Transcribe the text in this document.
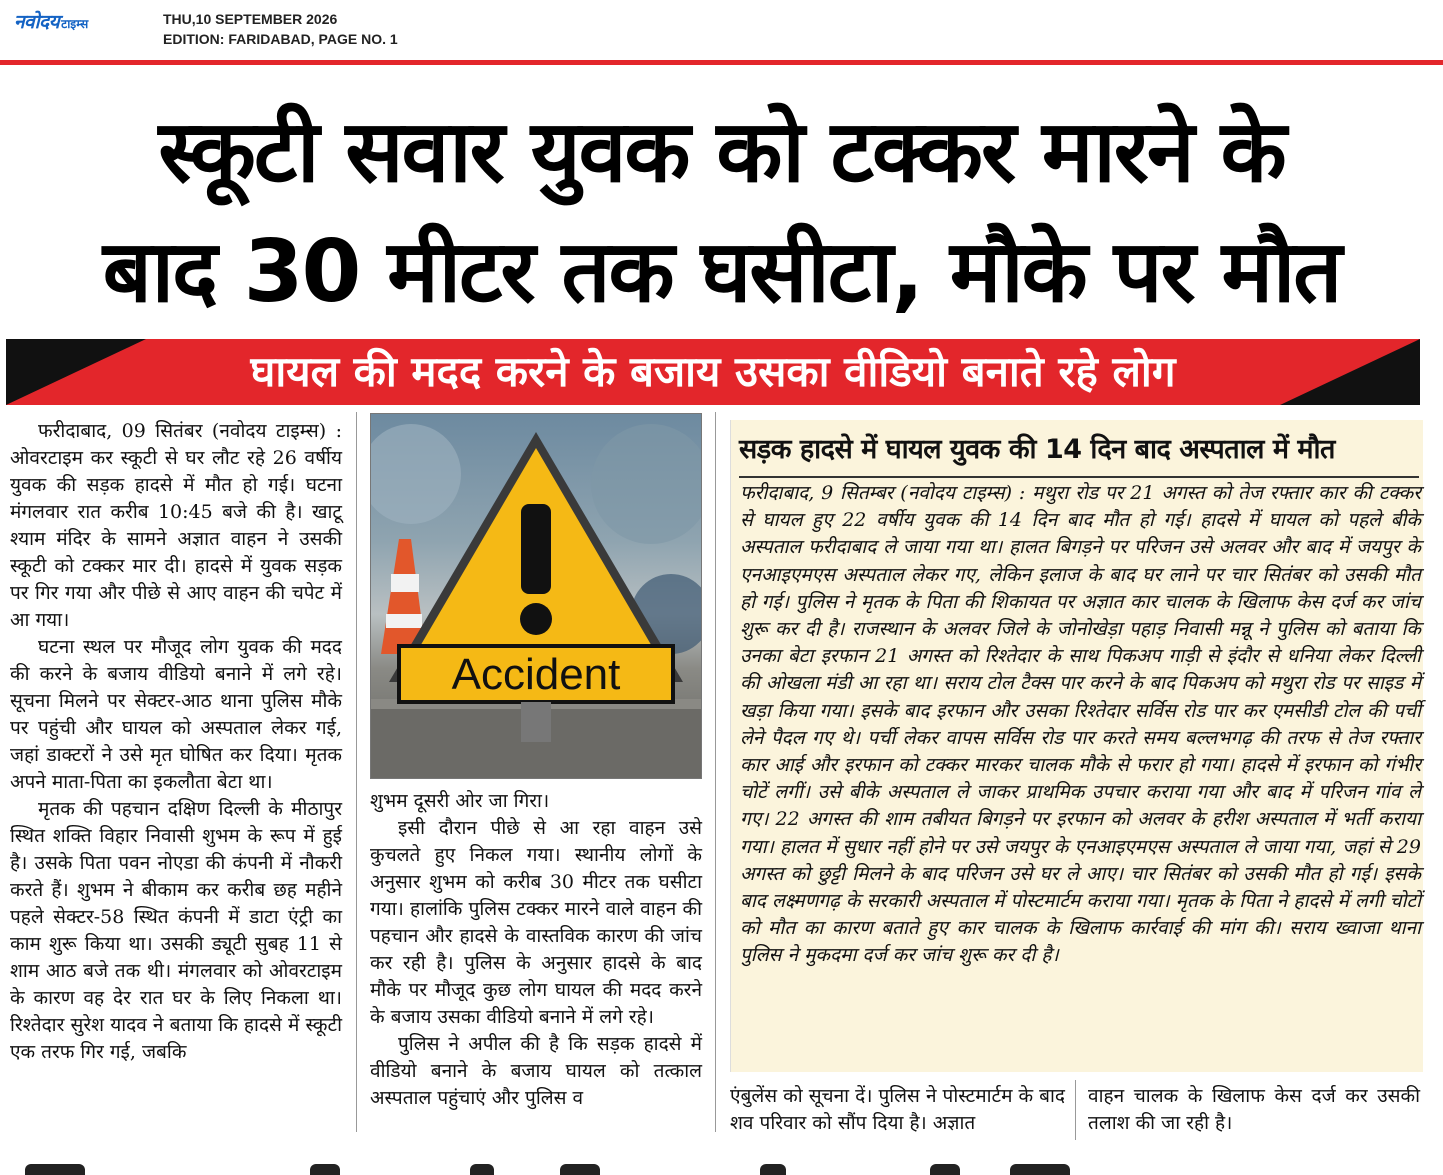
नवोदय टाइम्स	THU,10 SEPTEMBER 2026
EDITION: FARIDABAD, PAGE NO. 1
स्कूटी सवार युवक को टक्कर मारने के
बाद 30 मीटर तक घसीटा, मौके पर मौत
घायल की मदद करने के बजाय उसका वीडियो बनाते रहे लोग

फरीदाबाद, 09 सितंबर (नवोदय टाइम्स) : ओवरटाइम कर स्कूटी से घर लौट रहे 26 वर्षीय युवक की सड़क हादसे में मौत हो गई। घटना मंगलवार रात करीब 10:45 बजे की है। खाटू श्याम मंदिर के सामने अज्ञात वाहन ने उसकी स्कूटी को टक्कर मार दी। हादसे में युवक सड़क पर गिर गया और पीछे से आए वाहन की चपेट में आ गया।

घटना स्थल पर मौजूद लोग युवक की मदद की करने के बजाय वीडियो बनाने में लगे रहे। सूचना मिलने पर सेक्टर-आठ थाना पुलिस मौके पर पहुंची और घायल को अस्पताल लेकर गई, जहां डाक्टरों ने उसे मृत घोषित कर दिया। मृतक अपने माता-पिता का इकलौता बेटा था।

मृतक की पहचान दक्षिण दिल्ली के मीठापुर स्थित शक्ति विहार निवासी शुभम के रूप में हुई है। उसके पिता पवन नोएडा की कंपनी में नौकरी करते हैं। शुभम ने बीकाम कर करीब छह महीने पहले सेक्टर-58 स्थित कंपनी में डाटा एंट्री का काम शुरू किया था। उसकी ड्यूटी सुबह 11 से शाम आठ बजे तक थी। मंगलवार को ओवरटाइम के कारण वह देर रात घर के लिए निकला था। रिश्तेदार सुरेश यादव ने बताया कि हादसे में स्कूटी एक तरफ गिर गई, जबकि

Accident

शुभम दूसरी ओर जा गिरा।

इसी दौरान पीछे से आ रहा वाहन उसे कुचलते हुए निकल गया। स्थानीय लोगों के अनुसार शुभम को करीब 30 मीटर तक घसीटा गया। हालांकि पुलिस टक्कर मारने वाले वाहन की पहचान और हादसे के वास्तविक कारण की जांच कर रही है। पुलिस के अनुसार हादसे के बाद मौके पर मौजूद कुछ लोग घायल की मदद करने के बजाय उसका वीडियो बनाने में लगे रहे।

पुलिस ने अपील की है कि सड़क हादसे में वीडियो बनाने के बजाय घायल को तत्काल अस्पताल पहुंचाएं और पुलिस व

सड़क हादसे में घायल युवक की 14 दिन बाद अस्पताल में मौत

फरीदाबाद, 9 सितम्बर (नवोदय टाइम्स) : मथुरा रोड पर 21 अगस्त को तेज रफ्तार कार की टक्कर से घायल हुए 22 वर्षीय युवक की 14 दिन बाद मौत हो गई। हादसे में घायल को पहले बीके अस्पताल फरीदाबाद ले जाया गया था। हालत बिगड़ने पर परिजन उसे अलवर और बाद में जयपुर के एनआइएमएस अस्पताल लेकर गए, लेकिन इलाज के बाद घर लाने पर चार सितंबर को उसकी मौत हो गई। पुलिस ने मृतक के पिता की शिकायत पर अज्ञात कार चालक के खिलाफ केस दर्ज कर जांच शुरू कर दी है। राजस्थान के अलवर जिले के जोनोखेड़ा पहाड़ निवासी मन्नू ने पुलिस को बताया कि उनका बेटा इरफान 21 अगस्त को रिश्तेदार के साथ पिकअप गाड़ी से इंदौर से धनिया लेकर दिल्ली की ओखला मंडी आ रहा था। सराय टोल टैक्स पार करने के बाद पिकअप को मथुरा रोड पर साइड में खड़ा किया गया। इसके बाद इरफान और उसका रिश्तेदार सर्विस रोड पार कर एमसीडी टोल की पर्ची लेने पैदल गए थे। पर्ची लेकर वापस सर्विस रोड पार करते समय बल्लभगढ़ की तरफ से तेज रफ्तार कार आई और इरफान को टक्कर मारकर चालक मौके से फरार हो गया। हादसे में इरफान को गंभीर चोटें लगीं। उसे बीके अस्पताल ले जाकर प्राथमिक उपचार कराया गया और बाद में परिजन गांव ले गए। 22 अगस्त की शाम तबीयत बिगड़ने पर इरफान को अलवर के हरीश अस्पताल में भर्ती कराया गया। हालत में सुधार नहीं होने पर उसे जयपुर के एनआइएमएस अस्पताल ले जाया गया, जहां से 29 अगस्त को छुट्टी मिलने के बाद परिजन उसे घर ले आए। चार सितंबर को उसकी मौत हो गई। इसके बाद लक्ष्मणगढ़ के सरकारी अस्पताल में पोस्टमार्टम कराया गया। मृतक के पिता ने हादसे में लगी चोटों को मौत का कारण बताते हुए कार चालक के खिलाफ कार्रवाई की मांग की। सराय ख्वाजा थाना पुलिस ने मुकदमा दर्ज कर जांच शुरू कर दी है।

एंबुलेंस को सूचना दें। पुलिस ने पोस्टमार्टम के बाद शव परिवार को सौंप दिया है। अज्ञात

वाहन चालक के खिलाफ केस दर्ज कर उसकी तलाश की जा रही है।
